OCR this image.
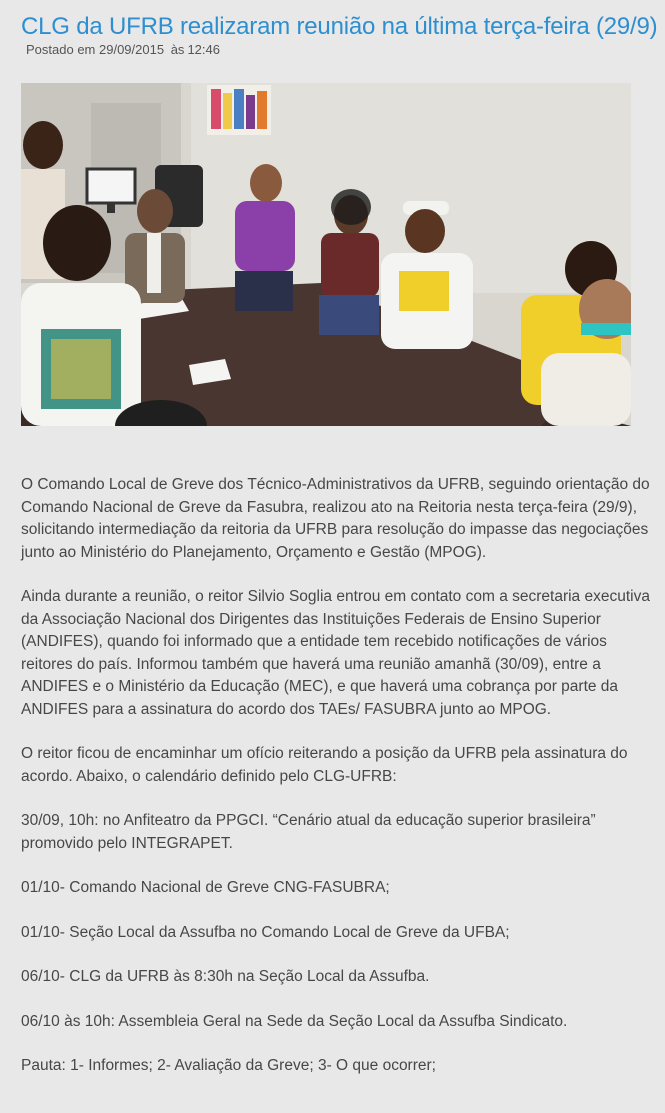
CLG da UFRB realizaram reunião na última terça-feira (29/9)
Postado em 29/09/2015 às 12:46

O Comando Local de Greve dos Técnico-Administrativos da UFRB, seguindo orientação do Comando Nacional de Greve da Fasubra, realizou ato na Reitoria nesta terça-feira (29/9), solicitando intermediação da reitoria da UFRB para resolução do impasse das negociações junto ao Ministério do Planejamento, Orçamento e Gestão (MPOG).

Ainda durante a reunião, o reitor Silvio Soglia entrou em contato com a secretaria executiva da Associação Nacional dos Dirigentes das Instituições Federais de Ensino Superior (ANDIFES), quando foi informado que a entidade tem recebido notificações de vários reitores do país. Informou também que haverá uma reunião amanhã (30/09), entre a ANDIFES e o Ministério da Educação (MEC), e que haverá uma cobrança por parte da ANDIFES para a assinatura do acordo dos TAEs/ FASUBRA junto ao MPOG.

O reitor ficou de encaminhar um ofício reiterando a posição da UFRB pela assinatura do acordo. Abaixo, o calendário definido pelo CLG-UFRB:

30/09, 10h: no Anfiteatro da PPGCI. “Cenário atual da educação superior brasileira” promovido pelo INTEGRAPET.

01/10- Comando Nacional de Greve CNG-FASUBRA;

01/10- Seção Local da Assufba no Comando Local de Greve da UFBA;

06/10- CLG da UFRB às 8:30h na Seção Local da Assufba.

06/10 às 10h: Assembleia Geral na Sede da Seção Local da Assufba Sindicato.

Pauta: 1- Informes; 2- Avaliação da Greve; 3- O que ocorrer;
